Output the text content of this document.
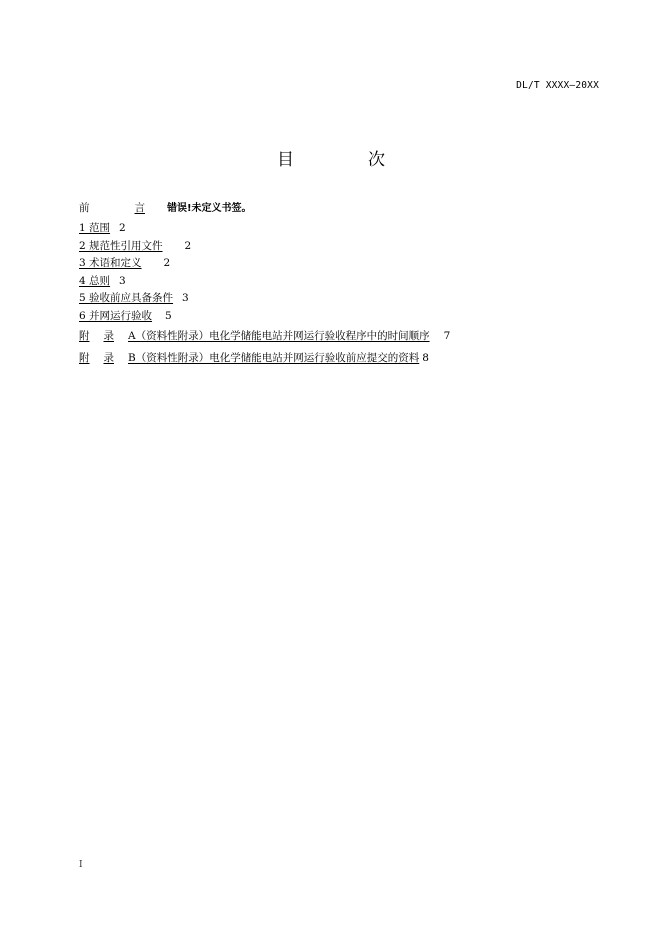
DL/T XXXX—20XX
目	次
前	言 错误!未定义书签。
1 范围 2
2 规范性引用文件 2
3 术语和定义 2
4 总则 3
5 验收前应具备条件 3
6 并网运行验收 5
附 录 A（资料性附录）电化学储能电站并网运行验收程序中的时间顺序 7
附 录 B（资料性附录）电化学储能电站并网运行验收前应提交的资料 8
I
